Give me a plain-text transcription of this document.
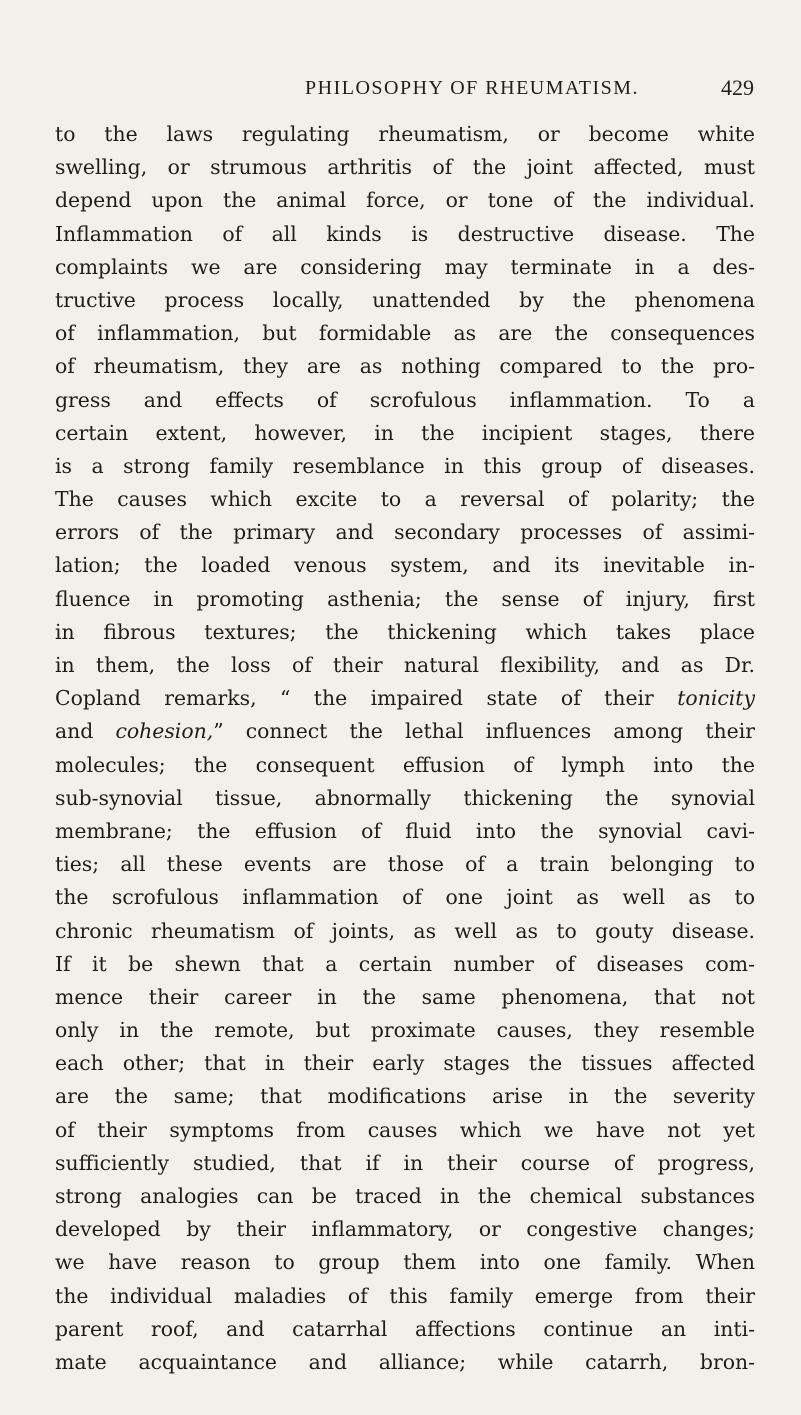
PHILOSOPHY OF RHEUMATISM.	429
to the laws regulating rheumatism, or become white
swelling, or strumous arthritis of the joint affected, must
depend upon the animal force, or tone of the individual.
Inflammation of all kinds is destructive disease. The
complaints we are considering may terminate in a des-
tructive process locally, unattended by the phenomena
of inflammation, but formidable as are the consequences
of rheumatism, they are as nothing compared to the pro-
gress and effects of scrofulous inflammation. To a
certain extent, however, in the incipient stages, there
is a strong family resemblance in this group of diseases.
The causes which excite to a reversal of polarity; the
errors of the primary and secondary processes of assimi-
lation; the loaded venous system, and its inevitable in-
fluence in promoting asthenia; the sense of injury, first
in fibrous textures; the thickening which takes place
in them, the loss of their natural flexibility, and as Dr.
Copland remarks, “ the impaired state of their tonicity
and cohesion,” connect the lethal influences among their
molecules; the consequent effusion of lymph into the
sub-synovial tissue, abnormally thickening the synovial
membrane; the effusion of fluid into the synovial cavi-
ties; all these events are those of a train belonging to
the scrofulous inflammation of one joint as well as to
chronic rheumatism of joints, as well as to gouty disease.
If it be shewn that a certain number of diseases com-
mence their career in the same phenomena, that not
only in the remote, but proximate causes, they resemble
each other; that in their early stages the tissues affected
are the same; that modifications arise in the severity
of their symptoms from causes which we have not yet
sufficiently studied, that if in their course of progress,
strong analogies can be traced in the chemical substances
developed by their inflammatory, or congestive changes;
we have reason to group them into one family. When
the individual maladies of this family emerge from their
parent roof, and catarrhal affections continue an inti-
mate acquaintance and alliance; while catarrh, bron-
